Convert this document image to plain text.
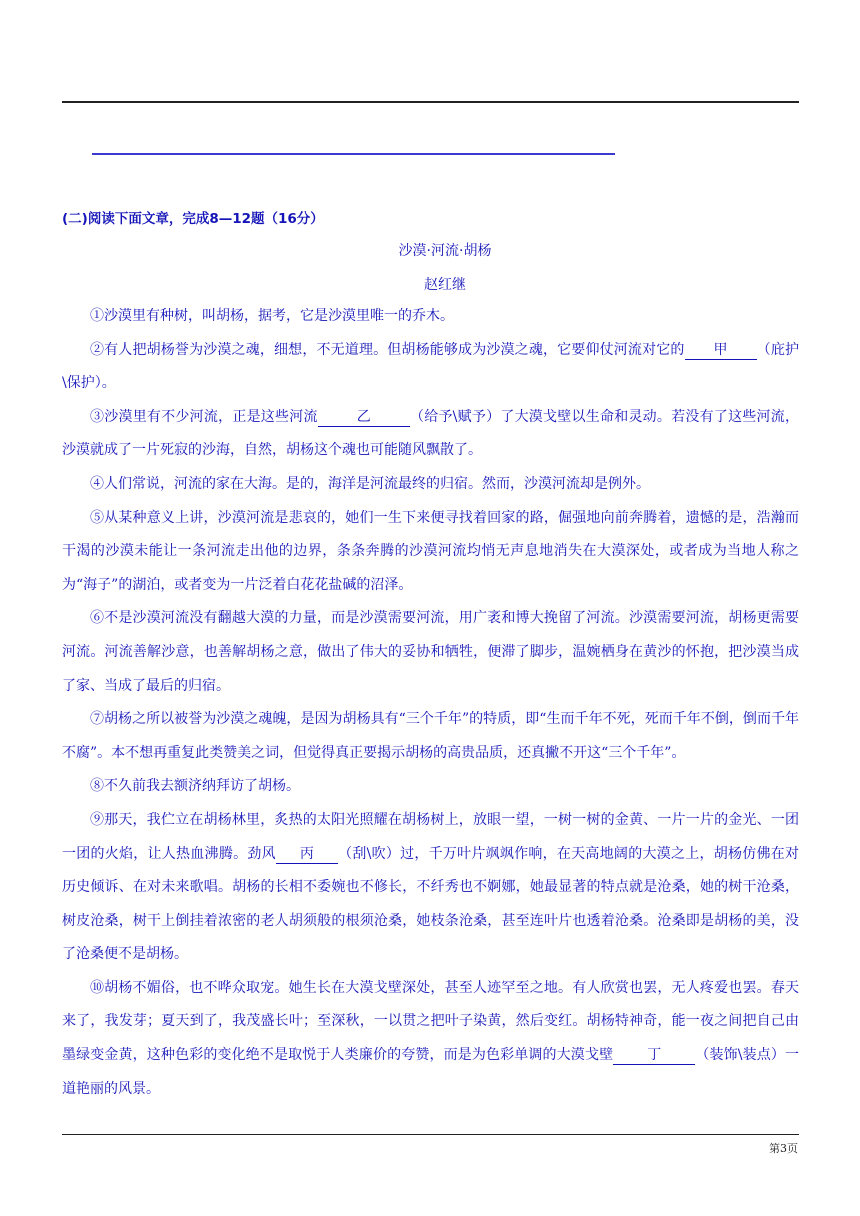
(二)阅读下面文章，完成8—12题（16分）
沙漠·河流·胡杨
赵红继

①沙漠里有种树，叫胡杨，据考，它是沙漠里唯一的乔木。

②有人把胡杨誉为沙漠之魂，细想，不无道理。但胡杨能够成为沙漠之魂，它要仰仗河流对它的 甲 （庇护\保护）。

③沙漠里有不少河流，正是这些河流	乙	（给予\赋予）了大漠戈壁以生命和灵动。若没有了这些河流，沙漠就成了一片死寂的沙海，自然，胡杨这个魂也可能随风飘散了。

④人们常说，河流的家在大海。是的，海洋是河流最终的归宿。然而，沙漠河流却是例外。

⑤从某种意义上讲，沙漠河流是悲哀的，她们一生下来便寻找着回家的路，倔强地向前奔腾着，遗憾的是，浩瀚而干渴的沙漠未能让一条河流走出他的边界，条条奔腾的沙漠河流均悄无声息地消失在大漠深处，或者成为当地人称之为“海子”的湖泊，或者变为一片泛着白花花盐碱的沼泽。

⑥不是沙漠河流没有翻越大漠的力量，而是沙漠需要河流，用广袤和博大挽留了河流。沙漠需要河流，胡杨更需要河流。河流善解沙意，也善解胡杨之意，做出了伟大的妥协和牺牲，便滞了脚步，温婉栖身在黄沙的怀抱，把沙漠当成了家、当成了最后的归宿。

⑦胡杨之所以被誉为沙漠之魂魄，是因为胡杨具有“三个千年”的特质，即“生而千年不死，死而千年不倒，倒而千年不腐”。本不想再重复此类赞美之词，但觉得真正要揭示胡杨的高贵品质，还真撇不开这“三个千年”。

⑧不久前我去额济纳拜访了胡杨。

⑨那天，我伫立在胡杨林里，炙热的太阳光照耀在胡杨树上，放眼一望，一树一树的金黄、一片一片的金光、一团一团的火焰，让人热血沸腾。劲风 丙 （刮\吹）过，千万叶片飒飒作响，在天高地阔的大漠之上，胡杨仿佛在对历史倾诉、在对未来歌唱。胡杨的长相不委婉也不修长，不纤秀也不婀娜，她最显著的特点就是沧桑，她的树干沧桑，树皮沧桑，树干上倒挂着浓密的老人胡须般的根须沧桑，她枝条沧桑，甚至连叶片也透着沧桑。沧桑即是胡杨的美，没了沧桑便不是胡杨。

⑩胡杨不媚俗，也不哗众取宠。她生长在大漠戈壁深处，甚至人迹罕至之地。有人欣赏也罢，无人疼爱也罢。春天来了，我发芽；夏天到了，我茂盛长叶；至深秋，一以贯之把叶子染黄，然后变红。胡杨特神奇，能一夜之间把自己由墨绿变金黄，这种色彩的变化绝不是取悦于人类廉价的夸赞，而是为色彩单调的大漠戈壁 丁 （装饰\装点）一道艳丽的风景。

第3页
